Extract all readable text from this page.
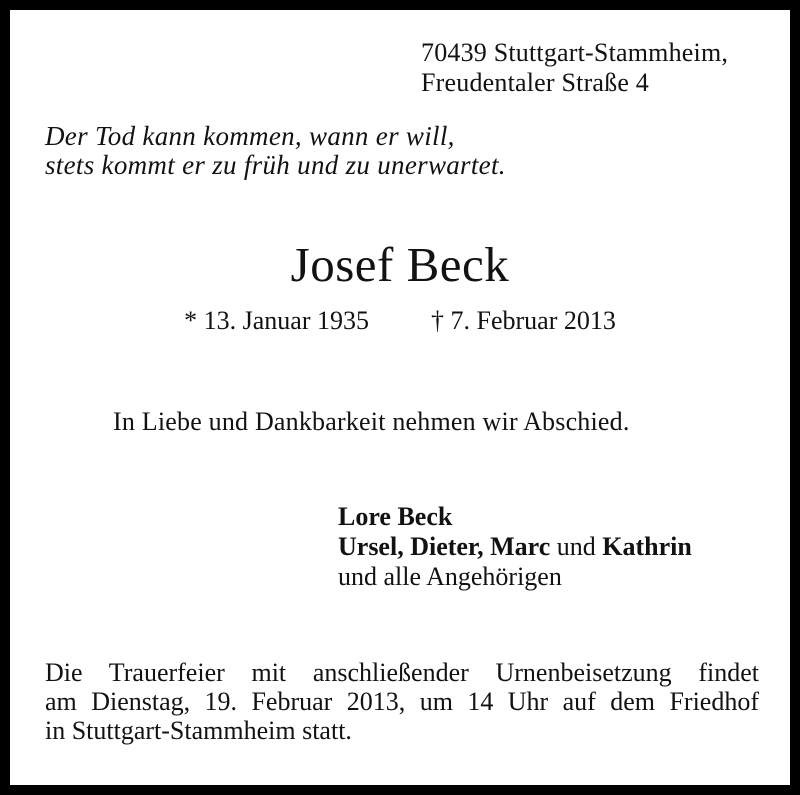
70439 Stuttgart-Stammheim,
Freudentaler Straße 4
Der Tod kann kommen, wann er will,
stets kommt er zu früh und zu unerwartet.
Josef Beck
* 13. Januar 1935 † 7. Februar 2013
In Liebe und Dankbarkeit nehmen wir Abschied.
Lore Beck
Ursel, Dieter, Marc und Kathrin
und alle Angehörigen
Die Trauerfeier mit anschließender Urnenbeisetzung findet
am Dienstag, 19. Februar 2013, um 14 Uhr auf dem Friedhof
in Stuttgart-Stammheim statt.
